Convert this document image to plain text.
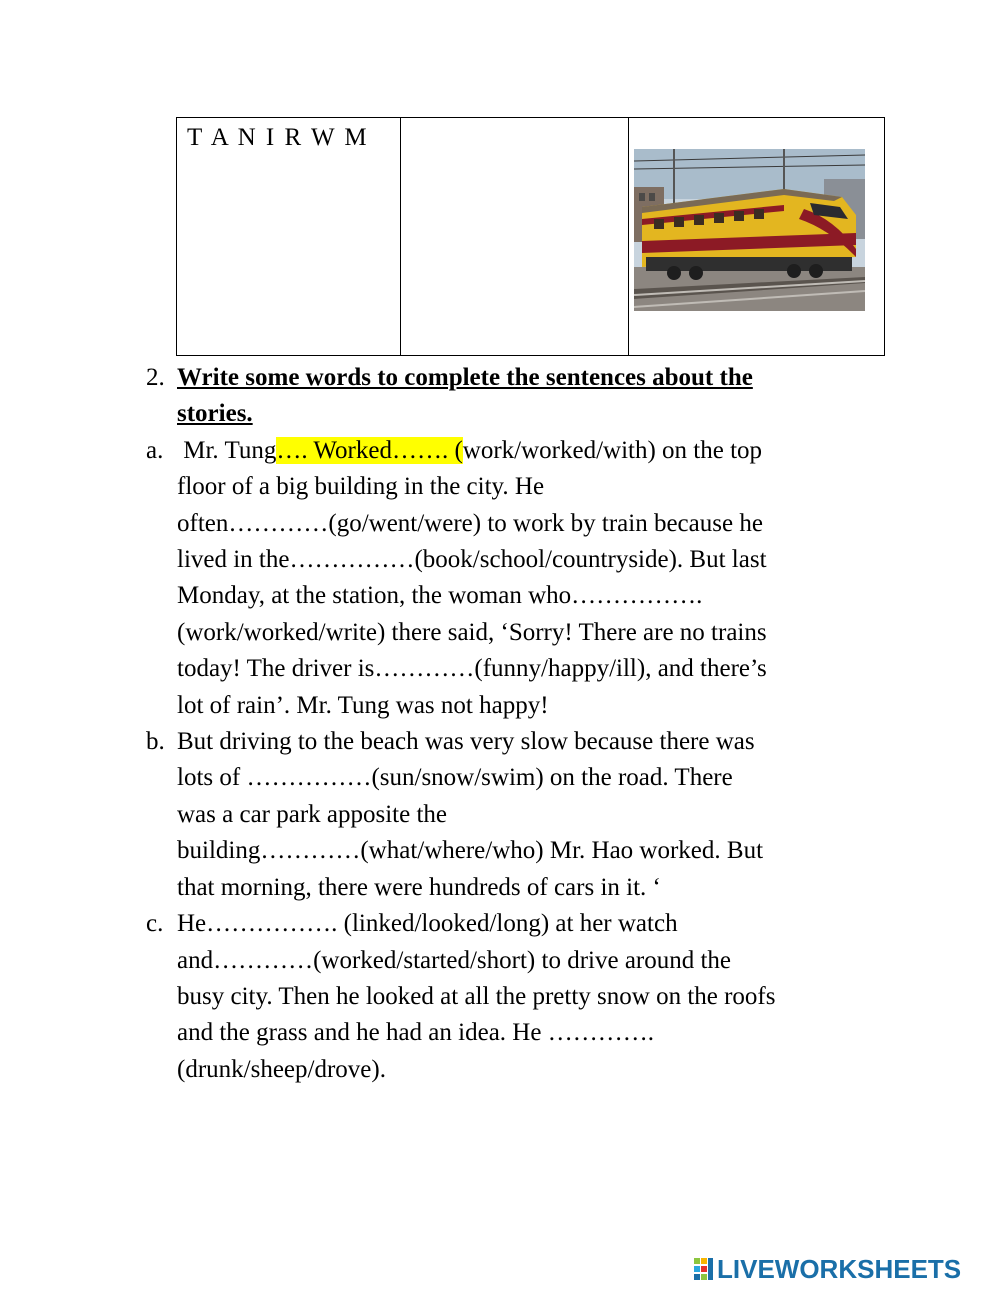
T A N I R W M

2. Write some words to complete the sentences about the
stories.
a. Mr. Tung…. Worked……. (work/worked/with) on the top
floor of a big building in the city. He
often…………(go/went/were) to work by train because he
lived in the……………(book/school/countryside). But last
Monday, at the station, the woman who…………….
(work/worked/write) there said, ‘Sorry! There are no trains
today! The driver is…………(funny/happy/ill), and there’s
lot of rain’. Mr. Tung was not happy!
b. But driving to the beach was very slow because there was
lots of ……………(sun/snow/swim) on the road. There
was a car park apposite the
building…………(what/where/who) Mr. Hao worked. But
that morning, there were hundreds of cars in it. ‘
c. He……………. (linked/looked/long) at her watch
and…………(worked/started/short) to drive around the
busy city. Then he looked at all the pretty snow on the roofs
and the grass and he had an idea. He ………….
(drunk/sheep/drove).
LIVEWORKSHEETS
